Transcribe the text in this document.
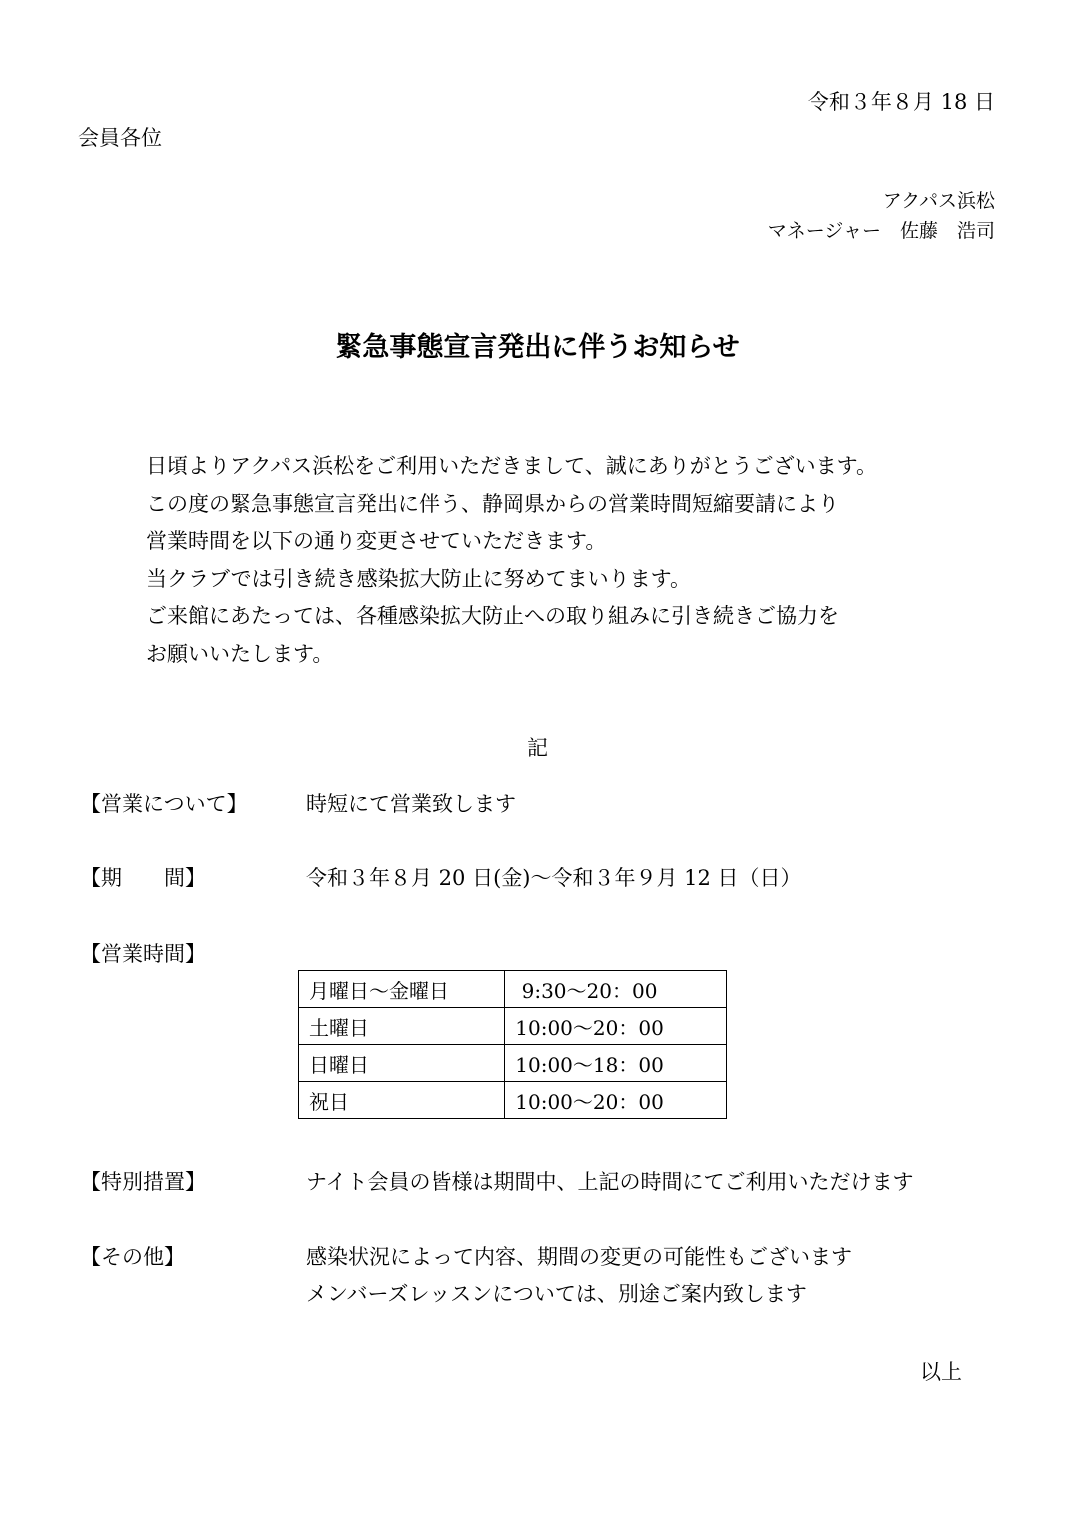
令和３年８月 18 日
会員各位
アクパス浜松
マネージャー　佐藤　浩司
緊急事態宣言発出に伴うお知らせ
日頃よりアクパス浜松をご利用いただきまして、誠にありがとうございます。
この度の緊急事態宣言発出に伴う、静岡県からの営業時間短縮要請により
営業時間を以下の通り変更させていただきます。
当クラブでは引き続き感染拡大防止に努めてまいります。
ご来館にあたっては、各種感染拡大防止への取り組みに引き続きご協力を
お願いいたします。
記
【営業について】	時短にて営業致します
【期　　間】	令和３年８月 20 日(金)～令和３年９月 12 日（日）
【営業時間】
月曜日～金曜日	9:30～20：00
土曜日	10:00～20：00
日曜日	10:00～18：00
祝日	10:00～20：00
【特別措置】	ナイト会員の皆様は期間中、上記の時間にてご利用いただけます
【その他】	感染状況によって内容、期間の変更の可能性もございます
メンバーズレッスンについては、別途ご案内致します
以上
